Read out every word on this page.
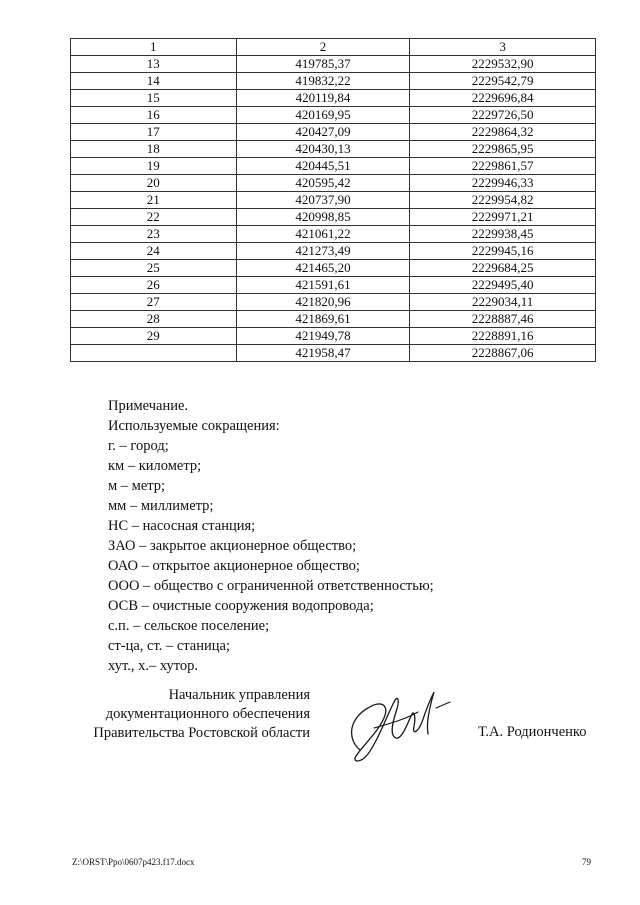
1	2	3
13	419785,37	2229532,90
14	419832,22	2229542,79
15	420119,84	2229696,84
16	420169,95	2229726,50
17	420427,09	2229864,32
18	420430,13	2229865,95
19	420445,51	2229861,57
20	420595,42	2229946,33
21	420737,90	2229954,82
22	420998,85	2229971,21
23	421061,22	2229938,45
24	421273,49	2229945,16
25	421465,20	2229684,25
26	421591,61	2229495,40
27	421820,96	2229034,11
28	421869,61	2228887,46
29	421949,78	2228891,16
	421958,47	2228867,06
Примечание.
Используемые сокращения:
г. – город;
км – километр;
м – метр;
мм – миллиметр;
НС – насосная станция;
ЗАО – закрытое акционерное общество;
ОАО – открытое акционерное общество;
ООО – общество с ограниченной ответственностью;
ОСВ – очистные сооружения водопровода;
с.п. – сельское поселение;
ст-ца, ст. – станица;
хут., х.– хутор.
Начальник управления
документационного обеспечения
Правительства Ростовской области	Т.А. Родионченко
Z:\ORST\Ppo\0607p423.f17.docx	79
